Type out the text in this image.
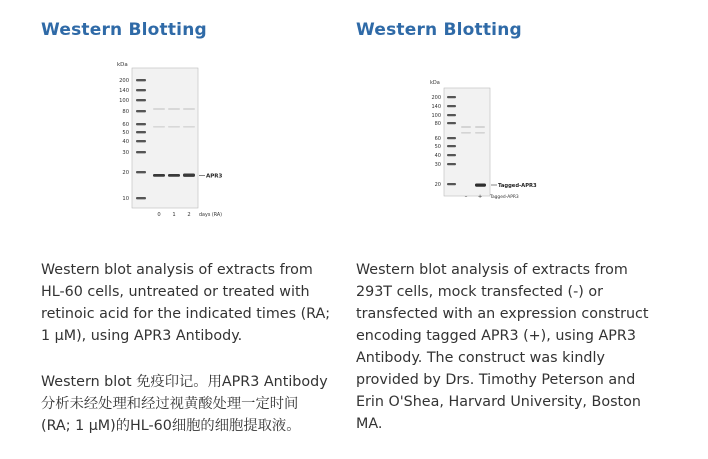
Western Blotting
kDa
200
140
100
80
60
50
40
30
20
10
APR3
0 1 2 days (RA)

Western blot analysis of extracts from HL-60 cells, untreated or treated with retinoic acid for the indicated times (RA; 1 µM), using APR3 Antibody.

Western blot 免疫印记。用APR3 Antibody分析未经处理和经过视黄酸处理一定时间 (RA; 1 µM)的HL-60细胞的细胞提取液。

Western Blotting
kDa
200
140
100
80
60
50
40
30
20	Tagged-APR3
– + Tagged-APR3

Western blot analysis of extracts from 293T cells, mock transfected (-) or transfected with an expression construct encoding tagged APR3 (+), using APR3 Antibody. The construct was kindly provided by Drs. Timothy Peterson and Erin O'Shea, Harvard University, Boston MA.
